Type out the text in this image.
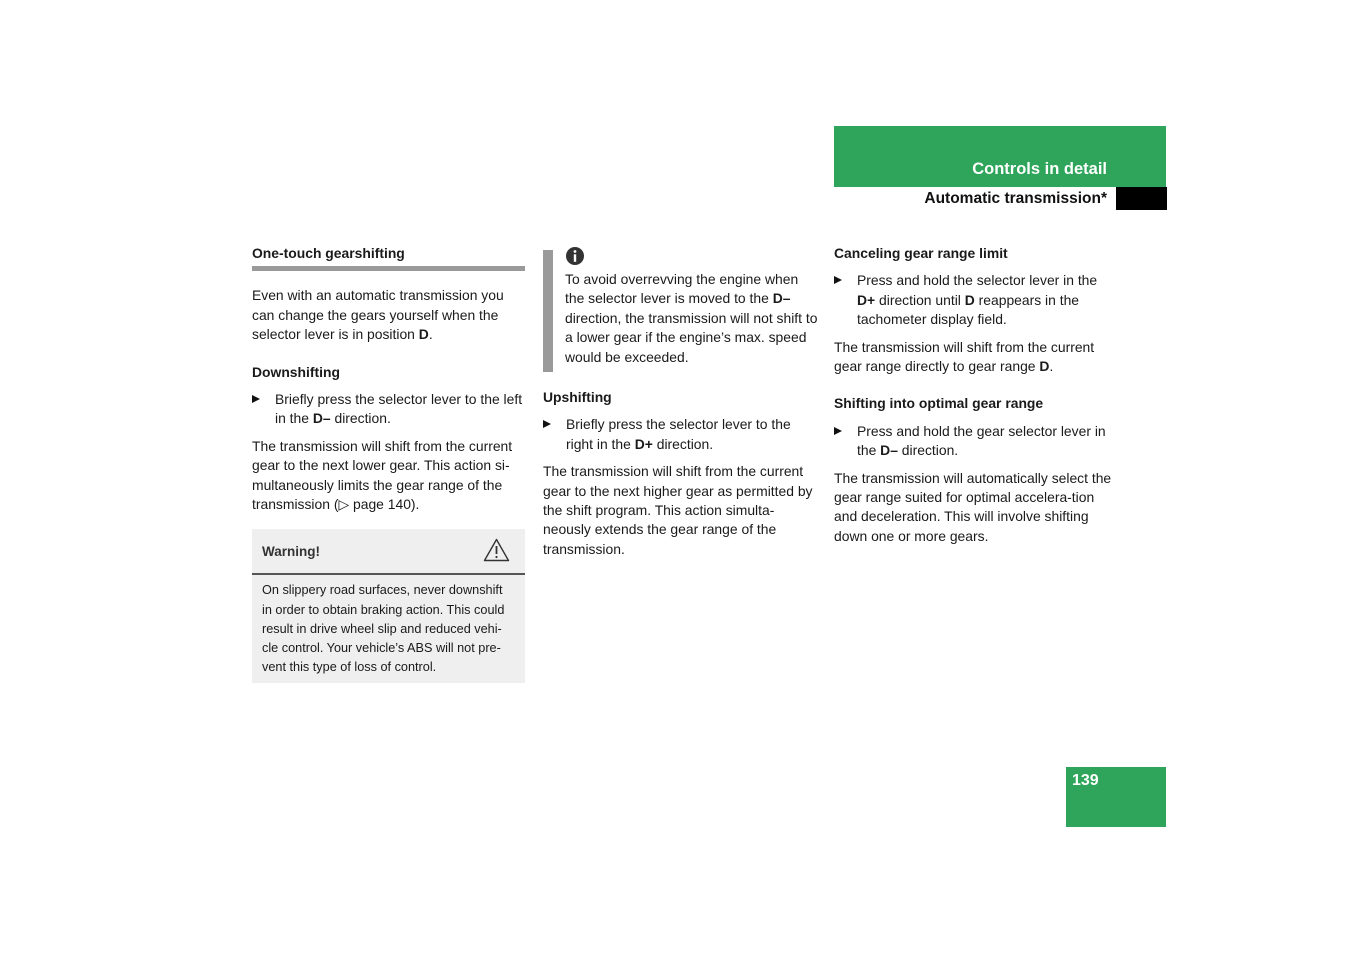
Controls in detail
Automatic transmission*
One-touch gearshifting

Even with an automatic transmission you can change the gears yourself when the selector lever is in position D.

Downshifting
Briefly press the selector lever to the left in the D– direction.

The transmission will shift from the current gear to the next lower gear. This action si-multaneously limits the gear range of the transmission (▷ page 140).

Warning!
On slippery road surfaces, never downshift in order to obtain braking action. This could result in drive wheel slip and reduced vehi-cle control. Your vehicle’s ABS will not pre-vent this type of loss of control.
To avoid overrevving the engine when the selector lever is moved to the D– direction, the transmission will not shift to a lower gear if the engine’s max. speed would be exceeded.
Upshifting
Briefly press the selector lever to the right in the D+ direction.

The transmission will shift from the current gear to the next higher gear as permitted by the shift program. This action simulta-neously extends the gear range of the transmission.

Canceling gear range limit
Press and hold the selector lever in the D+ direction until D reappears in the tachometer display field.

The transmission will shift from the current gear range directly to gear range D.

Shifting into optimal gear range
Press and hold the gear selector lever in the D– direction.

The transmission will automatically select the gear range suited for optimal accelera-tion and deceleration. This will involve shifting down one or more gears.

139
